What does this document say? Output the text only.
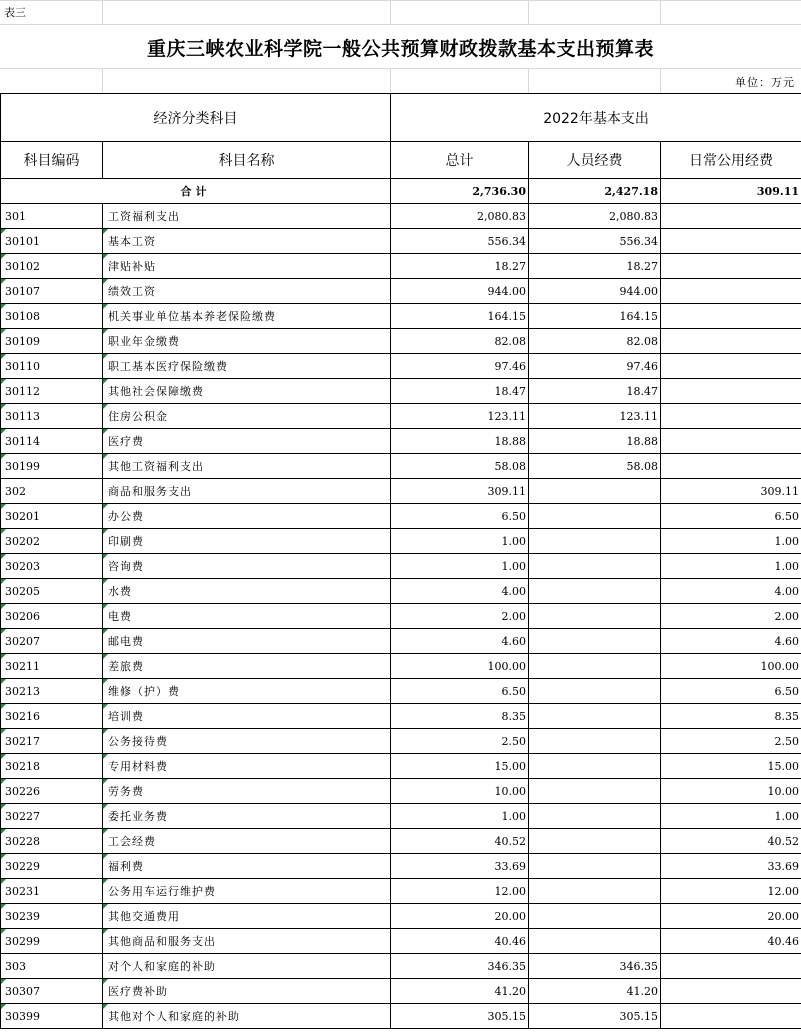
表三
重庆三峡农业科学院一般公共预算财政拨款基本支出预算表
单位：万元
经济分类科目		2022年基本支出		
科目编码	科目名称	总计	人员经费	日常公用经费
合计		2,736.30	2,427.18	309.11
301	工资福利支出	2,080.83	2,080.83	
30101	基本工资	556.34	556.34	
30102	津贴补贴	18.27	18.27	
30107	绩效工资	944.00	944.00	
30108	机关事业单位基本养老保险缴费	164.15	164.15	
30109	职业年金缴费	82.08	82.08	
30110	职工基本医疗保险缴费	97.46	97.46	
30112	其他社会保障缴费	18.47	18.47	
30113	住房公积金	123.11	123.11	
30114	医疗费	18.88	18.88	
30199	其他工资福利支出	58.08	58.08	
302	商品和服务支出	309.11		309.11
30201	办公费	6.50		6.50
30202	印刷费	1.00		1.00
30203	咨询费	1.00		1.00
30205	水费	4.00		4.00
30206	电费	2.00		2.00
30207	邮电费	4.60		4.60
30211	差旅费	100.00		100.00
30213	维修（护）费	6.50		6.50
30216	培训费	8.35		8.35
30217	公务接待费	2.50		2.50
30218	专用材料费	15.00		15.00
30226	劳务费	10.00		10.00
30227	委托业务费	1.00		1.00
30228	工会经费	40.52		40.52
30229	福利费	33.69		33.69
30231	公务用车运行维护费	12.00		12.00
30239	其他交通费用	20.00		20.00
30299	其他商品和服务支出	40.46		40.46
303	对个人和家庭的补助	346.35	346.35	
30307	医疗费补助	41.20	41.20	
30399	其他对个人和家庭的补助	305.15	305.15	
